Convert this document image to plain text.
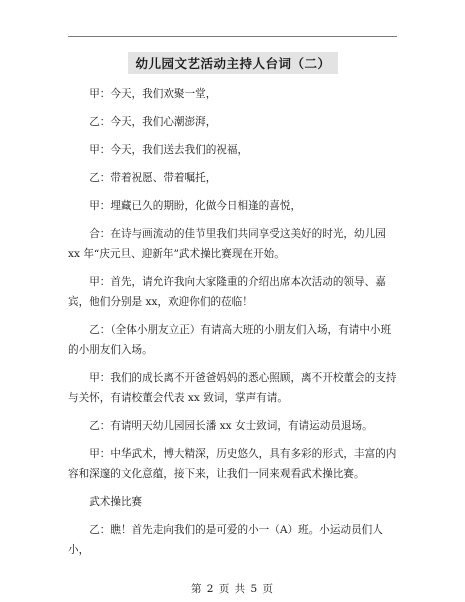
幼儿园文艺活动主持人台词（二）

甲：今天，我们欢聚一堂，

乙：今天，我们心潮澎湃，

甲：今天，我们送去我们的祝福，

乙：带着祝愿、带着嘱托，

甲：埋藏已久的期盼，化做今日相逢的喜悦，

合：在诗与画流动的佳节里我们共同享受这美好的时光，幼儿园 xx 年“庆元旦、迎新年”武术操比赛现在开始。

甲：首先，请允许我向大家隆重的介绍出席本次活动的领导、嘉宾，他们分别是 xx，欢迎你们的莅临！

乙：（全体小朋友立正）有请高大班的小朋友们入场，有请中小班的小朋友们入场。

甲：我们的成长离不开爸爸妈妈的悉心照顾，离不开校董会的支持与关怀，有请校董会代表 xx 致词，掌声有请。

乙：有请明天幼儿园园长潘 xx 女士致词，有请运动员退场。

甲：中华武术，博大精深，历史悠久，具有多彩的形式，丰富的内容和深邃的文化意蕴，接下来，让我们一同来观看武术操比赛。

武术操比赛

乙：瞧！首先走向我们的是可爱的小一（A）班。小运动员们人小，

第 2 页 共 5 页
